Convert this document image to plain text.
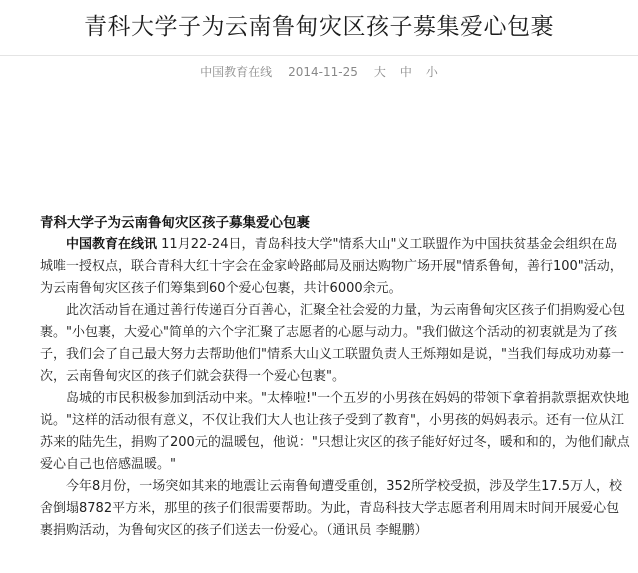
青科大学子为云南鲁甸灾区孩子募集爱心包裹
中国教育在线 2014-11-25 大 中 小

青科大学子为云南鲁甸灾区孩子募集爱心包裹

中国教育在线讯 11月22-24日，青岛科技大学"情系大山"义工联盟作为中国扶贫基金会组织在岛城唯一授权点，联合青科大红十字会在金家岭路邮局及丽达购物广场开展"情系鲁甸，善行100"活动，为云南鲁甸灾区孩子们筹集到60个爱心包裹，共计6000余元。

此次活动旨在通过善行传递百分百善心，汇聚全社会爱的力量，为云南鲁甸灾区孩子们捐购爱心包裹。"小包裹，大爱心"简单的六个字汇聚了志愿者的心愿与动力。"我们做这个活动的初衷就是为了孩子，我们会了自己最大努力去帮助他们"情系大山义工联盟负责人王烁翔如是说，"当我们每成功劝募一次，云南鲁甸灾区的孩子们就会获得一个爱心包裹"。

岛城的市民积极参加到活动中来。"太棒啦!"一个五岁的小男孩在妈妈的带领下拿着捐款票据欢快地说。"这样的活动很有意义，不仅让我们大人也让孩子受到了教育"，小男孩的妈妈表示。还有一位从江苏来的陆先生，捐购了200元的温暖包，他说："只想让灾区的孩子能好好过冬，暖和和的，为他们献点爱心自己也倍感温暖。"

今年8月份，一场突如其来的地震让云南鲁甸遭受重创，352所学校受损，涉及学生17.5万人，校舍倒塌8782平方米，那里的孩子们很需要帮助。为此，青岛科技大学志愿者利用周末时间开展爱心包裹捐购活动，为鲁甸灾区的孩子们送去一份爱心。（通讯员 李鲲鹏）
